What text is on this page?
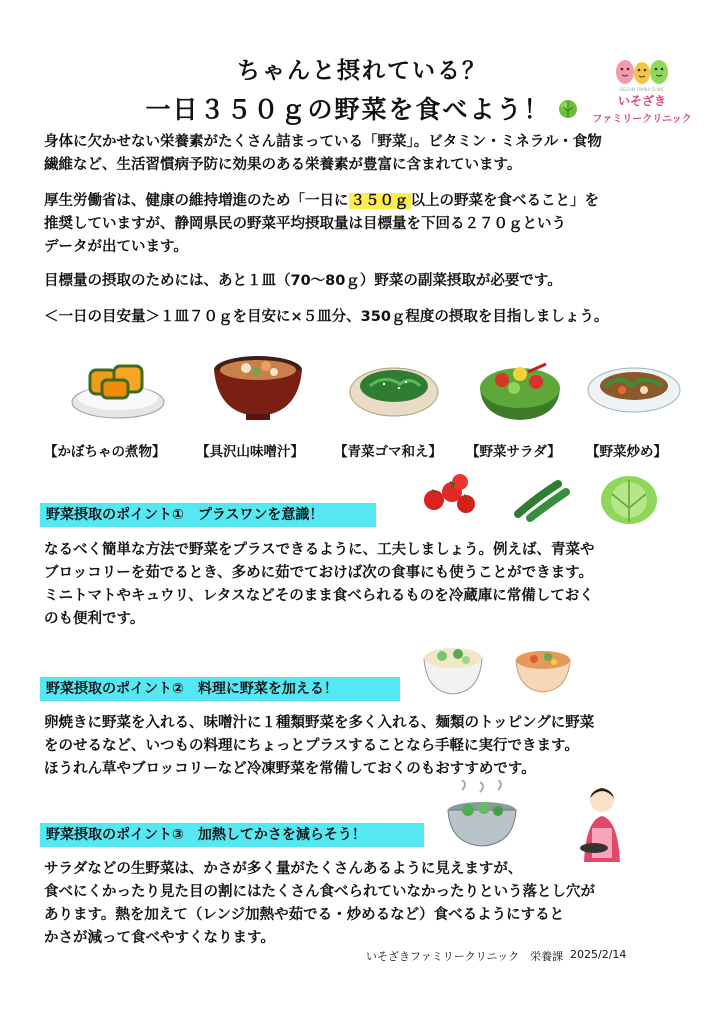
ちゃんと摂れている？
一日３５０ｇの野菜を食べよう！
ISOZAKI FAMILY CLINIC
いそざき
ファミリークリニック
身体に欠かせない栄養素がたくさん詰まっている「野菜」。ビタミン・ミネラル・食物
繊維など、生活習慣病予防に効果のある栄養素が豊富に含まれています。
厚生労働省は、健康の維持増進のため「一日に ３５０ｇ 以上の野菜を食べること」を
推奨していますが、静岡県民の野菜平均摂取量は目標量を下回る２７０ｇという
データが出ています。
目標量の摂取のためには、あと１皿（70～80ｇ）野菜の副菜摂取が必要です。
＜一日の目安量＞１皿７０ｇを目安に×５皿分、350ｇ程度の摂取を目指しましょう。
【かぼちゃの煮物】 【具沢山味噌汁】 【青菜ゴマ和え】 【野菜サラダ】 【野菜炒め】
野菜摂取のポイント①　プラスワンを意識！
なるべく簡単な方法で野菜をプラスできるように、工夫しましょう。例えば、青菜や
ブロッコリーを茹でるとき、多めに茹でておけば次の食事にも使うことができます。
ミニトマトやキュウリ、レタスなどそのまま食べられるものを冷蔵庫に常備しておく
のも便利です。
野菜摂取のポイント②　料理に野菜を加える！
卵焼きに野菜を入れる、味噌汁に１種類野菜を多く入れる、麺類のトッピングに野菜
をのせるなど、いつもの料理にちょっとプラスすることなら手軽に実行できます。
ほうれん草やブロッコリーなど冷凍野菜を常備しておくのもおすすめです。
野菜摂取のポイント③　加熱してかさを減らそう！
サラダなどの生野菜は、かさが多く量がたくさんあるように見えますが、
食べにくかったり見た目の割にはたくさん食べられていなかったりという落とし穴が
あります。熱を加えて（レンジ加熱や茹でる・炒めるなど）食べるようにすると
かさが減って食べやすくなります。
いそざきファミリークリニック　栄養課 2025/2/14
